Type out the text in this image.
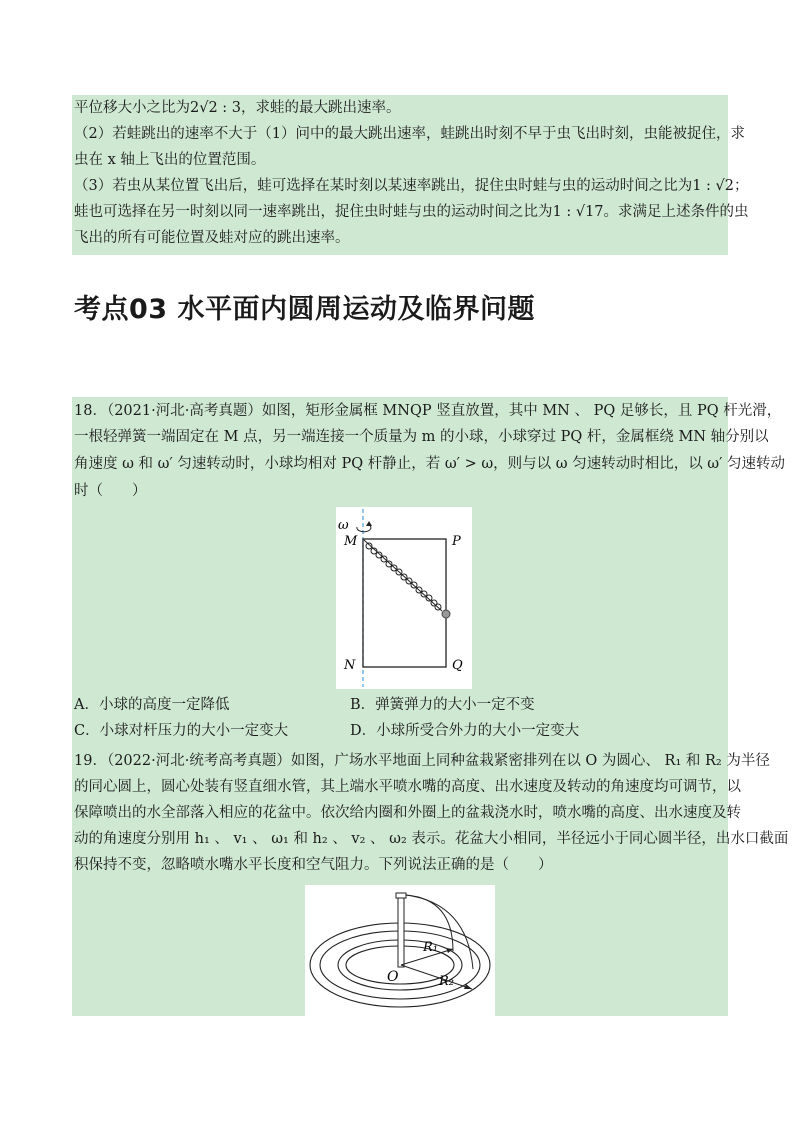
平位移大小之比为2√2 : 3，求蛙的最大跳出速率。
（2）若蛙跳出的速率不大于（1）问中的最大跳出速率，蛙跳出时刻不早于虫飞出时刻，虫能被捉住，求
虫在 x 轴上飞出的位置范围。
（3）若虫从某位置飞出后，蛙可选择在某时刻以某速率跳出，捉住虫时蛙与虫的运动时间之比为1 : √2；
蛙也可选择在另一时刻以同一速率跳出，捉住虫时蛙与虫的运动时间之比为1 : √17。求满足上述条件的虫
飞出的所有可能位置及蛙对应的跳出速率。
考点03 水平面内圆周运动及临界问题
18．（2021·河北·高考真题）如图，矩形金属框 MNQP 竖直放置，其中 MN 、 PQ 足够长，且 PQ 杆光滑，
一根轻弹簧一端固定在 M 点，另一端连接一个质量为 m 的小球，小球穿过 PQ 杆，金属框绕 MN 轴分别以
角速度 ω 和 ω′ 匀速转动时，小球均相对 PQ 杆静止，若 ω′ > ω，则与以 ω 匀速转动时相比，以 ω′ 匀速转动
时（　　）
ω
M	P
N	Q
A．小球的高度一定降低	B．弹簧弹力的大小一定不变
C．小球对杆压力的大小一定变大	D．小球所受合外力的大小一定变大
19．（2022·河北·统考高考真题）如图，广场水平地面上同种盆栽紧密排列在以 O 为圆心、 R₁ 和 R₂ 为半径
的同心圆上，圆心处装有竖直细水管，其上端水平喷水嘴的高度、出水速度及转动的角速度均可调节，以
保障喷出的水全部落入相应的花盆中。依次给内圈和外圈上的盆栽浇水时，喷水嘴的高度、出水速度及转
动的角速度分别用 h₁ 、 v₁ 、 ω₁ 和 h₂ 、 v₂ 、 ω₂ 表示。花盆大小相同，半径远小于同心圆半径，出水口截面
积保持不变，忽略喷水嘴水平长度和空气阻力。下列说法正确的是（　　）
O
R₁
R₂
